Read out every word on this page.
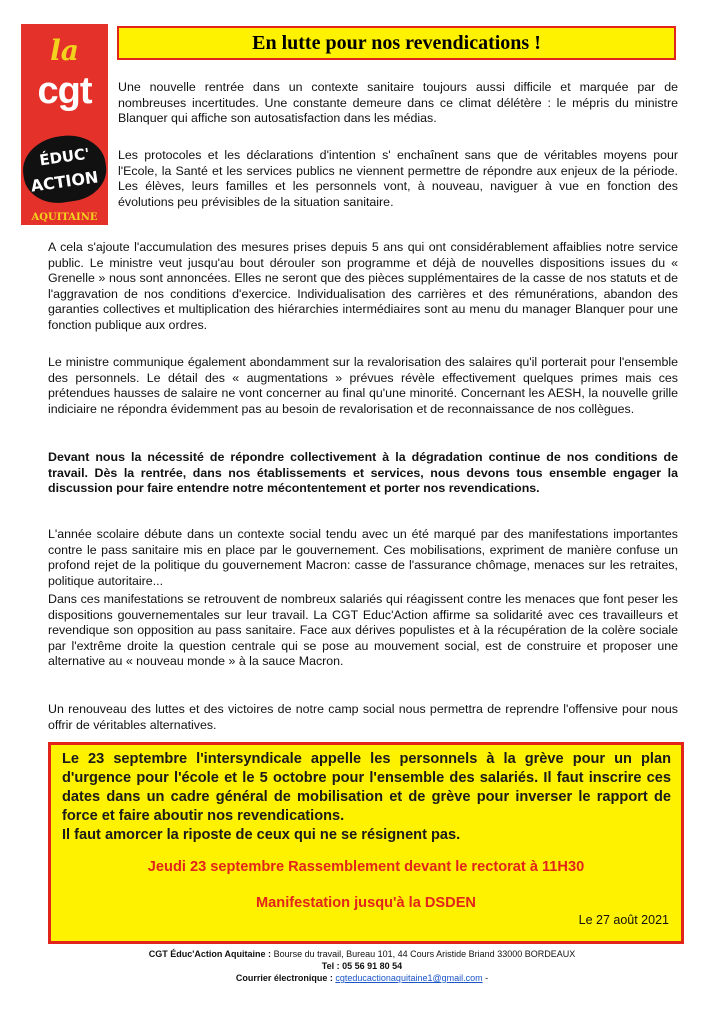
la
cgt
ÉDUC'
ACTION
AQUITAINE
En lutte pour nos revendications !

Une nouvelle rentrée dans un contexte sanitaire toujours aussi difficile et marquée par de nombreuses incertitudes. Une constante demeure dans ce climat délétère : le mépris du ministre Blanquer qui affiche son autosatisfaction dans les médias.

Les protocoles et les déclarations d'intention s' enchaînent sans que de véritables moyens pour l'Ecole, la Santé et les services publics ne viennent permettre de répondre aux enjeux de la période. Les élèves, leurs familles et les personnels vont, à nouveau, naviguer à vue en fonction des évolutions peu prévisibles de la situation sanitaire.

A cela s'ajoute l'accumulation des mesures prises depuis 5 ans qui ont considérablement affaiblies notre service public. Le ministre veut jusqu'au bout dérouler son programme et déjà de nouvelles dispositions issues du « Grenelle » nous sont annoncées. Elles ne seront que des pièces supplémentaires de la casse de nos statuts et de l'aggravation de nos conditions d'exercice. Individualisation des carrières et des rémunérations, abandon des garanties collectives et multiplication des hiérarchies intermédiaires sont au menu du manager Blanquer pour une fonction publique aux ordres.

Le ministre communique également abondamment sur la revalorisation des salaires qu'il porterait pour l'ensemble des personnels. Le détail des « augmentations » prévues révèle effectivement quelques primes mais ces prétendues hausses de salaire ne vont concerner au final qu'une minorité. Concernant les AESH, la nouvelle grille indiciaire ne répondra évidemment pas au besoin de revalorisation et de reconnaissance de nos collègues.

Devant nous la nécessité de répondre collectivement à la dégradation continue de nos conditions de travail. Dès la rentrée, dans nos établissements et services, nous devons tous ensemble engager la discussion pour faire entendre notre mécontentement et porter nos revendications.

L'année scolaire débute dans un contexte social tendu avec un été marqué par des manifestations importantes contre le pass sanitaire mis en place par le gouvernement. Ces mobilisations, expriment de manière confuse un profond rejet de la politique du gouvernement Macron: casse de l'assurance chômage, menaces sur les retraites, politique autoritaire...

Dans ces manifestations se retrouvent de nombreux salariés qui réagissent contre les menaces que font peser les dispositions gouvernementales sur leur travail. La CGT Educ'Action affirme sa solidarité avec ces travailleurs et revendique son opposition au pass sanitaire. Face aux dérives populistes et à la récupération de la colère sociale par l'extrême droite la question centrale qui se pose au mouvement social, est de construire et proposer une alternative au « nouveau monde » à la sauce Macron.

Un renouveau des luttes et des victoires de notre camp social nous permettra de reprendre l'offensive pour nous offrir de véritables alternatives.

Le 23 septembre l'intersyndicale appelle les personnels à la grève pour un plan d'urgence pour l'école et le 5 octobre pour l'ensemble des salariés. Il faut inscrire ces dates dans un cadre général de mobilisation et de grève pour inverser le rapport de force et faire aboutir nos revendications.

Il faut amorcer la riposte de ceux qui ne se résignent pas.

Jeudi 23 septembre Rassemblement devant le rectorat à 11H30

Manifestation jusqu'à la DSDEN

Le 27 août 2021
CGT Éduc'Action Aquitaine : Bourse du travail, Bureau 101, 44 Cours Aristide Briand 33000 BORDEAUX
Tel : 05 56 91 80 54
Courrier électronique : cgteducactionaquitaine1@gmail.com -
